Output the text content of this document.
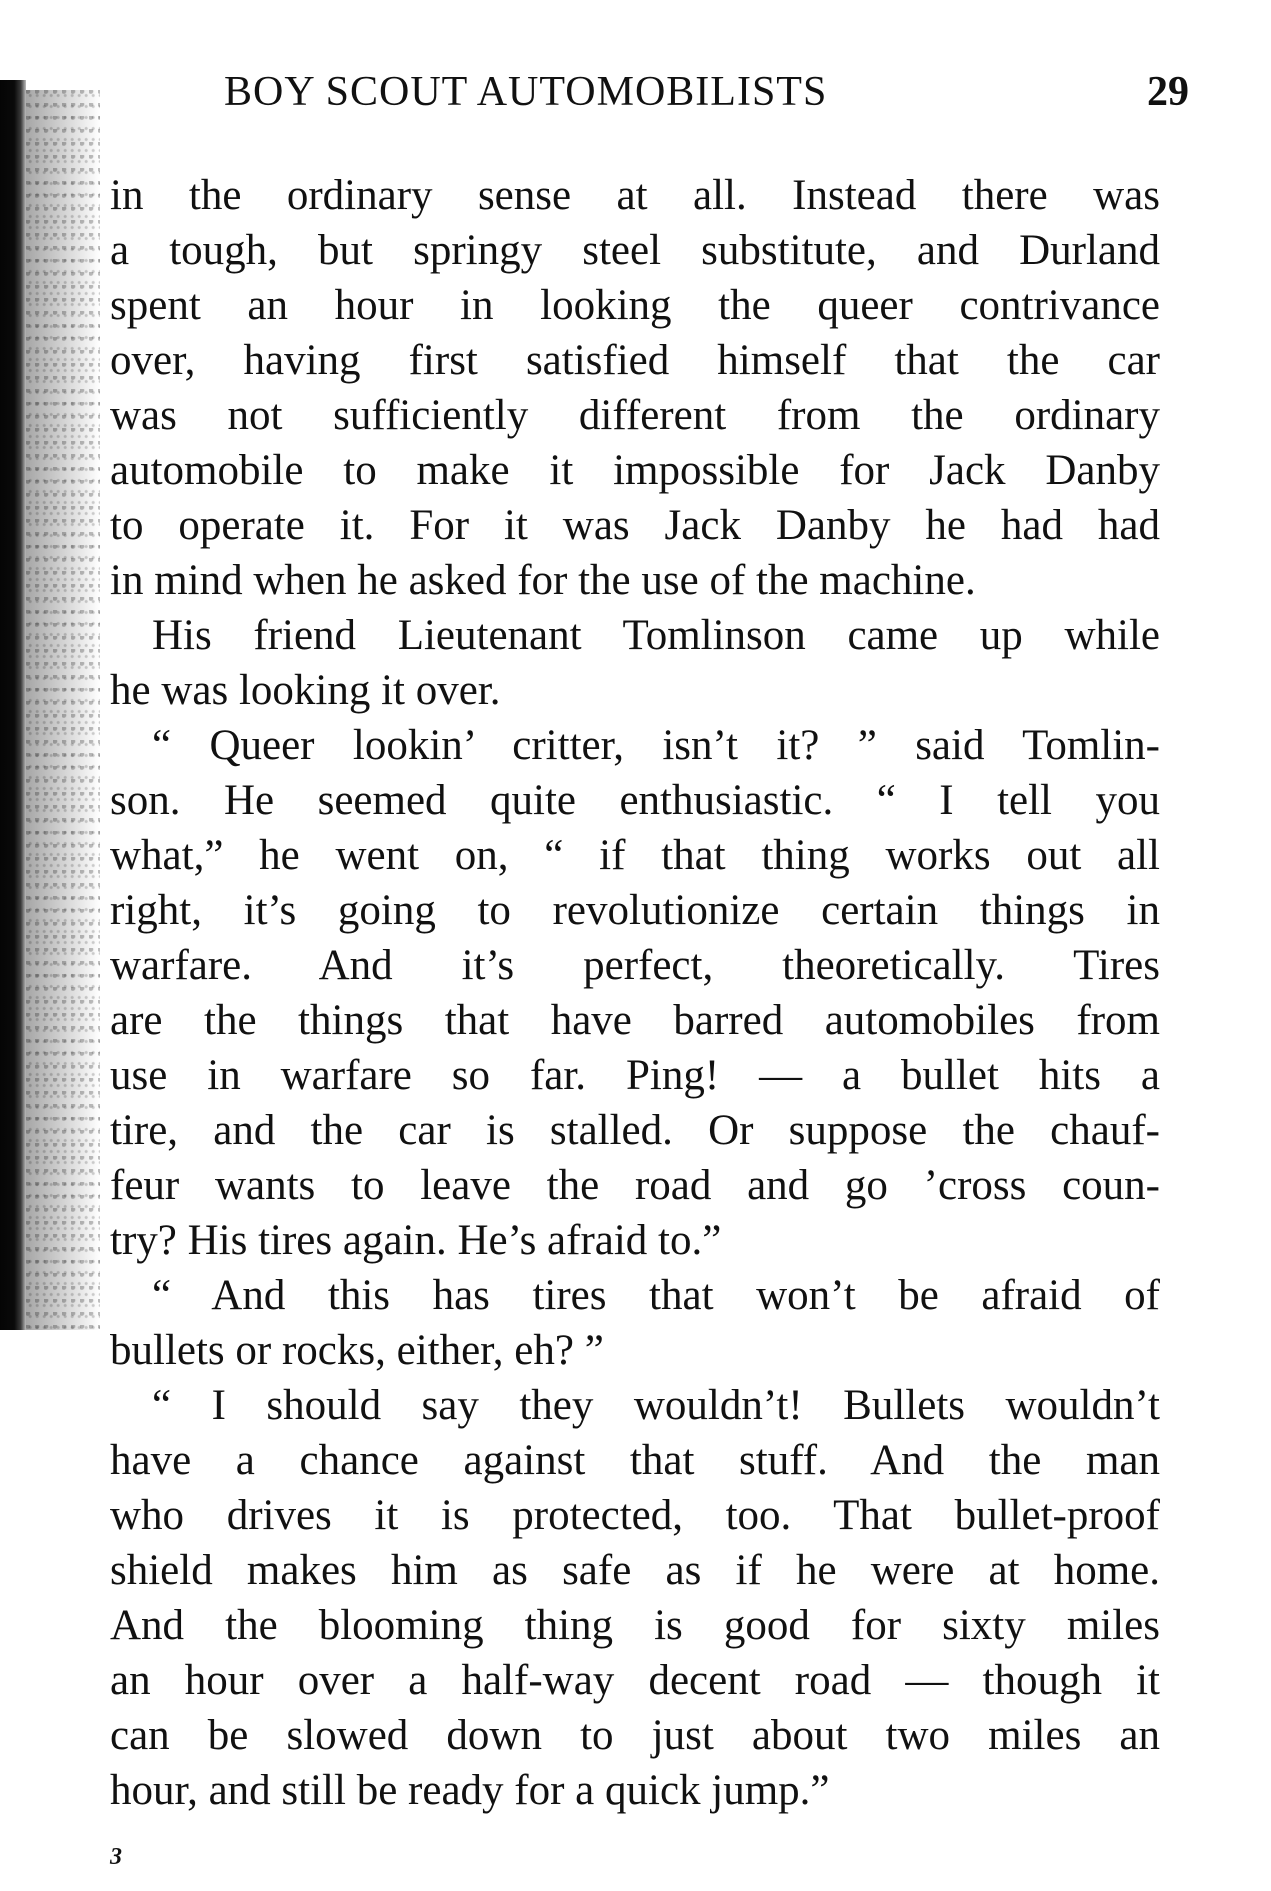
BOY SCOUT AUTOMOBILISTS	29
in the ordinary sense at all. Instead there was
a tough, but springy steel substitute, and Durland
spent an hour in looking the queer contrivance
over, having first satisfied himself that the car
was not sufficiently different from the ordinary
automobile to make it impossible for Jack Danby
to operate it. For it was Jack Danby he had had
in mind when he asked for the use of the machine.
His friend Lieutenant Tomlinson came up while
he was looking it over.
“ Queer lookin’ critter, isn’t it? ” said Tomlin-
son. He seemed quite enthusiastic. “ I tell you
what,” he went on, “ if that thing works out all
right, it’s going to revolutionize certain things in
warfare. And it’s perfect, theoretically. Tires
are the things that have barred automobiles from
use in warfare so far. Ping! — a bullet hits a
tire, and the car is stalled. Or suppose the chauf-
feur wants to leave the road and go ’cross coun-
try? His tires again. He’s afraid to.”
“ And this has tires that won’t be afraid of
bullets or rocks, either, eh? ”
“ I should say they wouldn’t! Bullets wouldn’t
have a chance against that stuff. And the man
who drives it is protected, too. That bullet-proof
shield makes him as safe as if he were at home.
And the blooming thing is good for sixty miles
an hour over a half-way decent road — though it
can be slowed down to just about two miles an
hour, and still be ready for a quick jump.”
3
